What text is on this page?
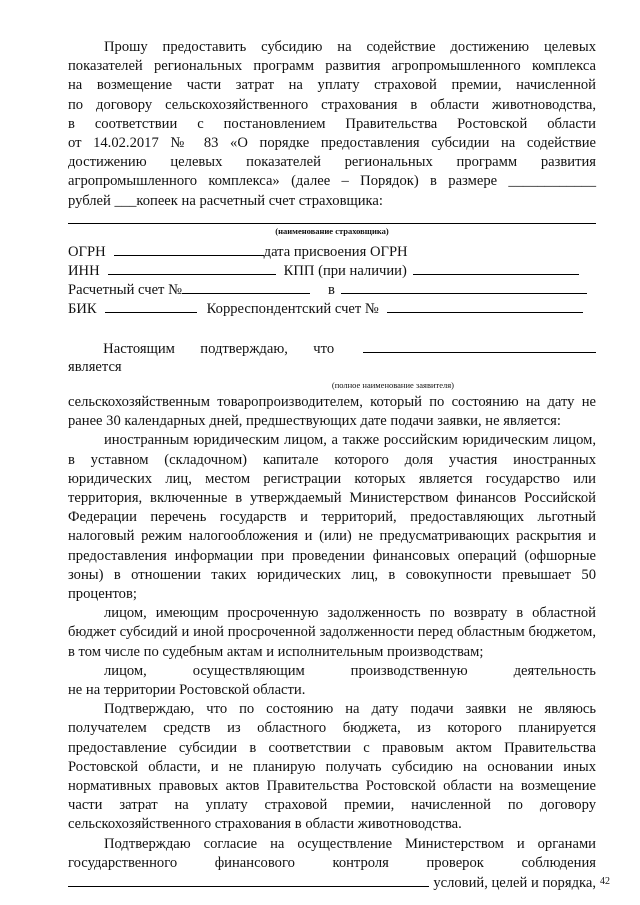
Прошу предоставить субсидию на содействие достижению целевых

показателей региональных программ развития агропромышленного комплекса

на возмещение части затрат на уплату страховой премии, начисленной

по договору сельскохозяйственного страхования в области животноводства,

в соответствии с постановлением Правительства Ростовской области

от 14.02.2017 № 83 «О порядке предоставления субсидии на содействие

достижению целевых показателей региональных программ развития

агропромышленного комплекса» (далее – Порядок) в размере ____________

рублей ___копеек на расчетный счет страховщика:

(наименование страховщика)
ОГРН	дата присвоения ОГРН
ИНН	КПП (при наличии)
Расчетный счет №	в
БИК	Корреспондентский счет №
Настоящим подтверждаю, что

является

(полное наименование заявителя)

сельскохозяйственным товаропроизводителем, который по состоянию на дату не ранее 30 календарных дней, предшествующих дате подачи заявки, не является:

иностранным юридическим лицом, а также российским юридическим лицом, в уставном (складочном) капитале которого доля участия иностранных юридических лиц, местом регистрации которых является государство или территория, включенные в утверждаемый Министерством финансов Российской Федерации перечень государств и территорий, предоставляющих льготный налоговый режим налогообложения и (или) не предусматривающих раскрытия и предоставления информации при проведении финансовых операций (офшорные зоны) в отношении таких юридических лиц, в совокупности превышает 50 процентов;

лицом, имеющим просроченную задолженность по возврату в областной бюджет субсидий и иной просроченной задолженности перед областным бюджетом, в том числе по судебным актам и исполнительным производствам;

лицом,	осуществляющим	производственную	деятельность

не на территории Ростовской области.

Подтверждаю, что по состоянию на дату подачи заявки не являюсь получателем средств из областного бюджета, из которого планируется предоставление субсидии в соответствии с правовым актом Правительства Ростовской области, и не планирую получать субсидию на основании иных нормативных правовых актов Правительства Ростовской области на возмещение части затрат на уплату страховой премии, начисленной по договору сельскохозяйственного страхования в области животноводства.

Подтверждаю согласие на осуществление Министерством и органами

государственного	финансового	контроля	проверок	соблюдения
условий, целей и порядка, 42
